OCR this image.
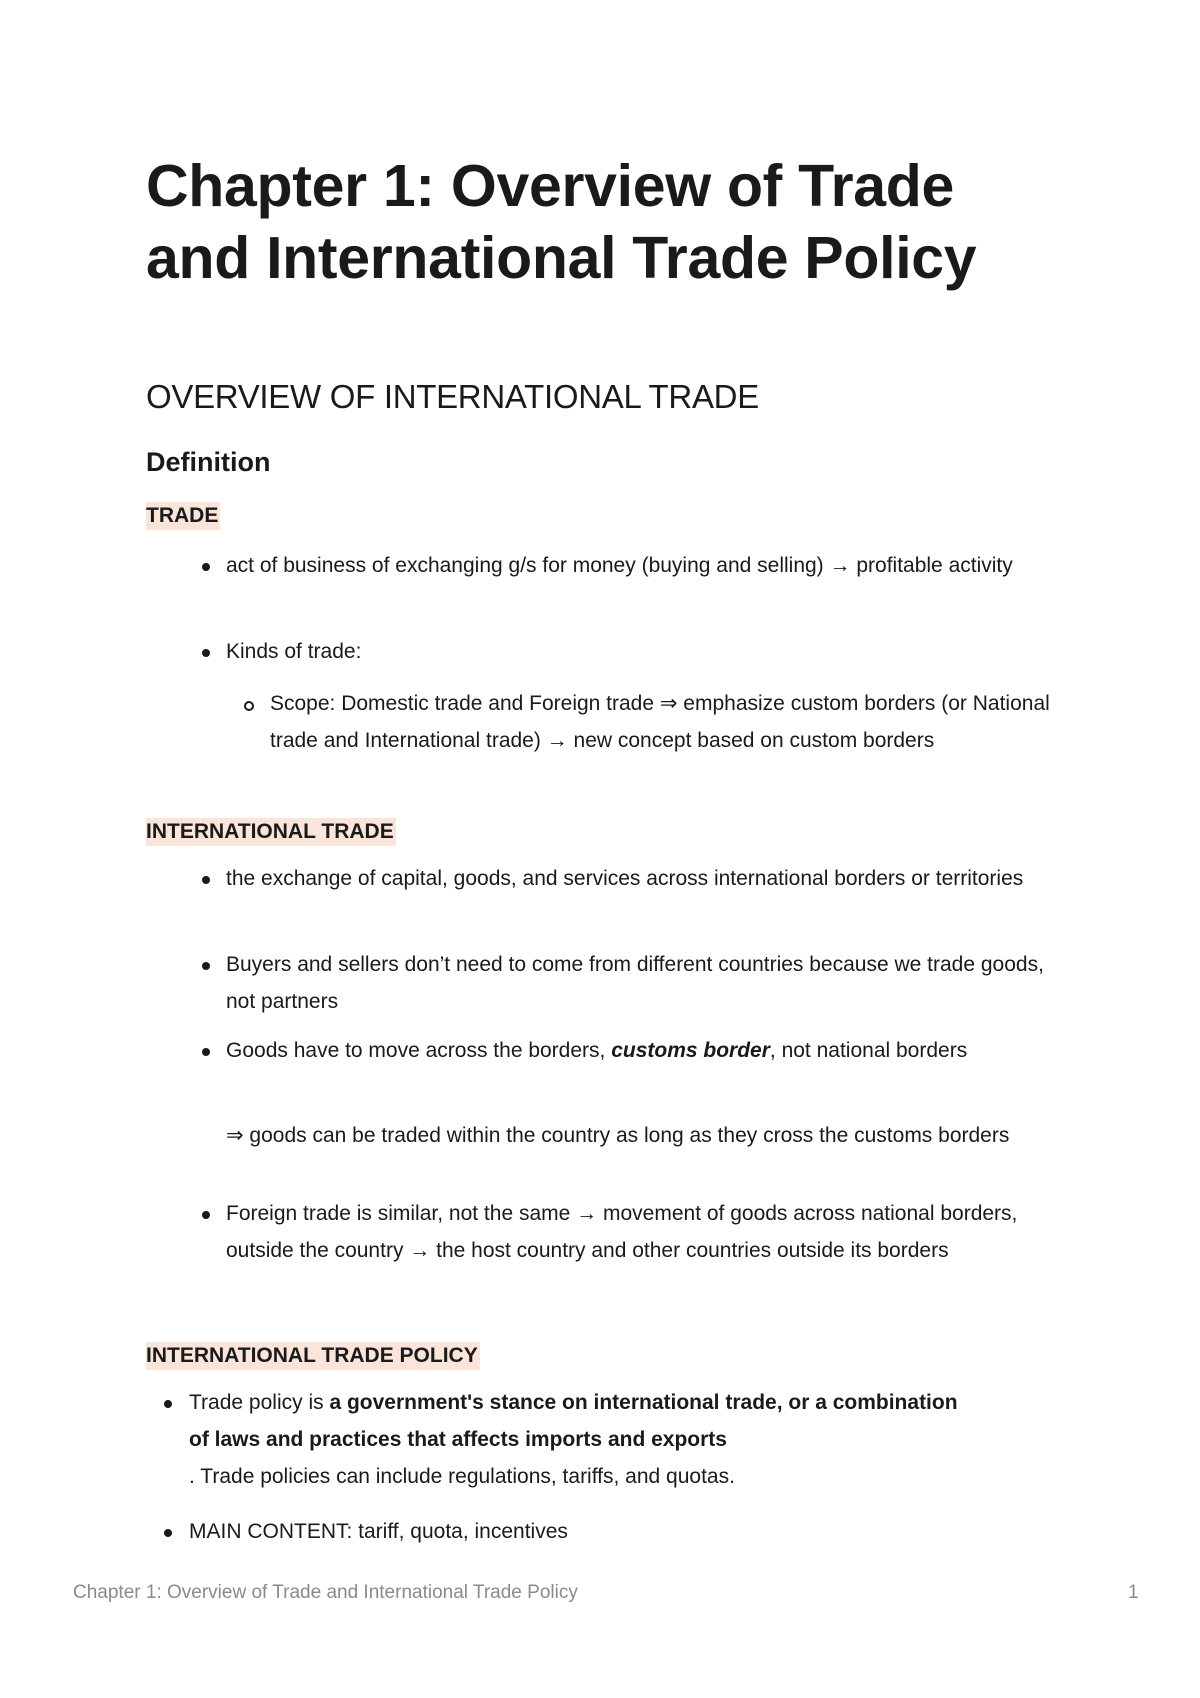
Chapter 1: Overview of Trade and International Trade Policy
OVERVIEW OF INTERNATIONAL TRADE
Definition
TRADE
act of business of exchanging g/s for money (buying and selling) → profitable activity
Kinds of trade:
Scope: Domestic trade and Foreign trade ⇒ emphasize custom borders (or National trade and International trade) → new concept based on custom borders
INTERNATIONAL TRADE
the exchange of capital, goods, and services across international borders or territories
Buyers and sellers don’t need to come from different countries because we trade goods, not partners
Goods have to move across the borders, customs border, not national borders
⇒ goods can be traded within the country as long as they cross the customs borders
Foreign trade is similar, not the same → movement of goods across national borders, outside the country → the host country and other countries outside its borders
INTERNATIONAL TRADE POLICY
Trade policy is a government's stance on international trade, or a combination of laws and practices that affects imports and exports
. Trade policies can include regulations, tariffs, and quotas.
MAIN CONTENT: tariff, quota, incentives
Chapter 1: Overview of Trade and International Trade Policy	1
